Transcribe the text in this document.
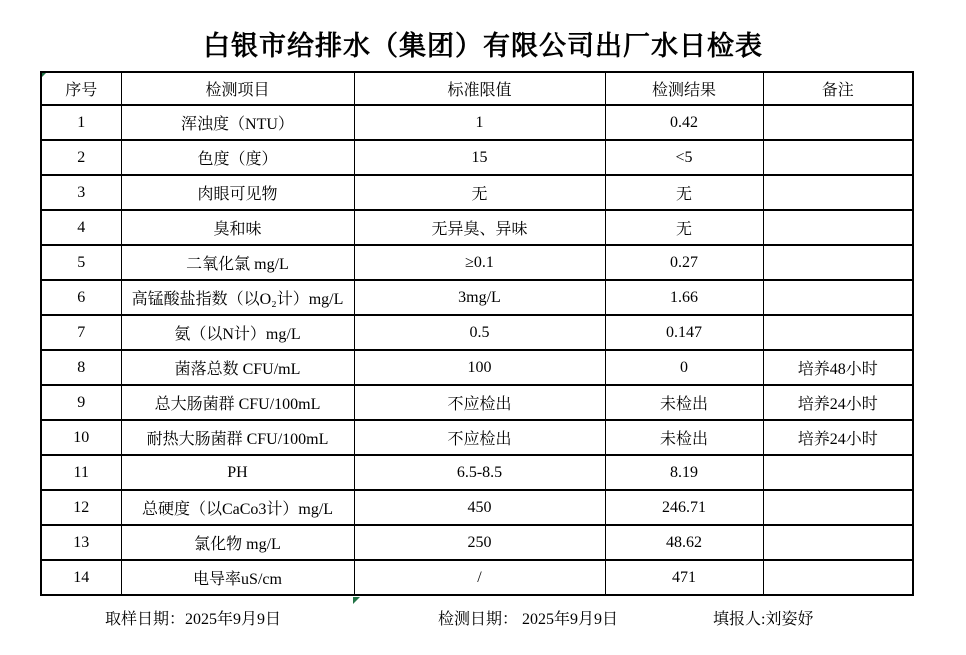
白银市给排水（集团）有限公司出厂水日检表
序号	检测项目	标准限值	检测结果	备注
1	浑浊度（NTU）	1	0.42	
2	色度（度）	15	<5	
3	肉眼可见物	无	无	
4	臭和味	无异臭、异味	无	
5	二氧化氯 mg/L	≥0.1	0.27	
6	高锰酸盐指数（以O₂计）mg/L	3mg/L	1.66	
7	氨（以N计）mg/L	0.5	0.147	
8	菌落总数 CFU/mL	100	0	培养48小时
9	总大肠菌群 CFU/100mL	不应检出	未检出	培养24小时
10	耐热大肠菌群 CFU/100mL	不应检出	未检出	培养24小时
11	PH	6.5-8.5	8.19	
12	总硬度（以CaCo3计）mg/L	450	246.71	
13	氯化物 mg/L	250	48.62	
14	电导率uS/cm	/	471	
取样日期：2025年9月9日	检测日期： 2025年9月9日	填报人:刘姿妤
